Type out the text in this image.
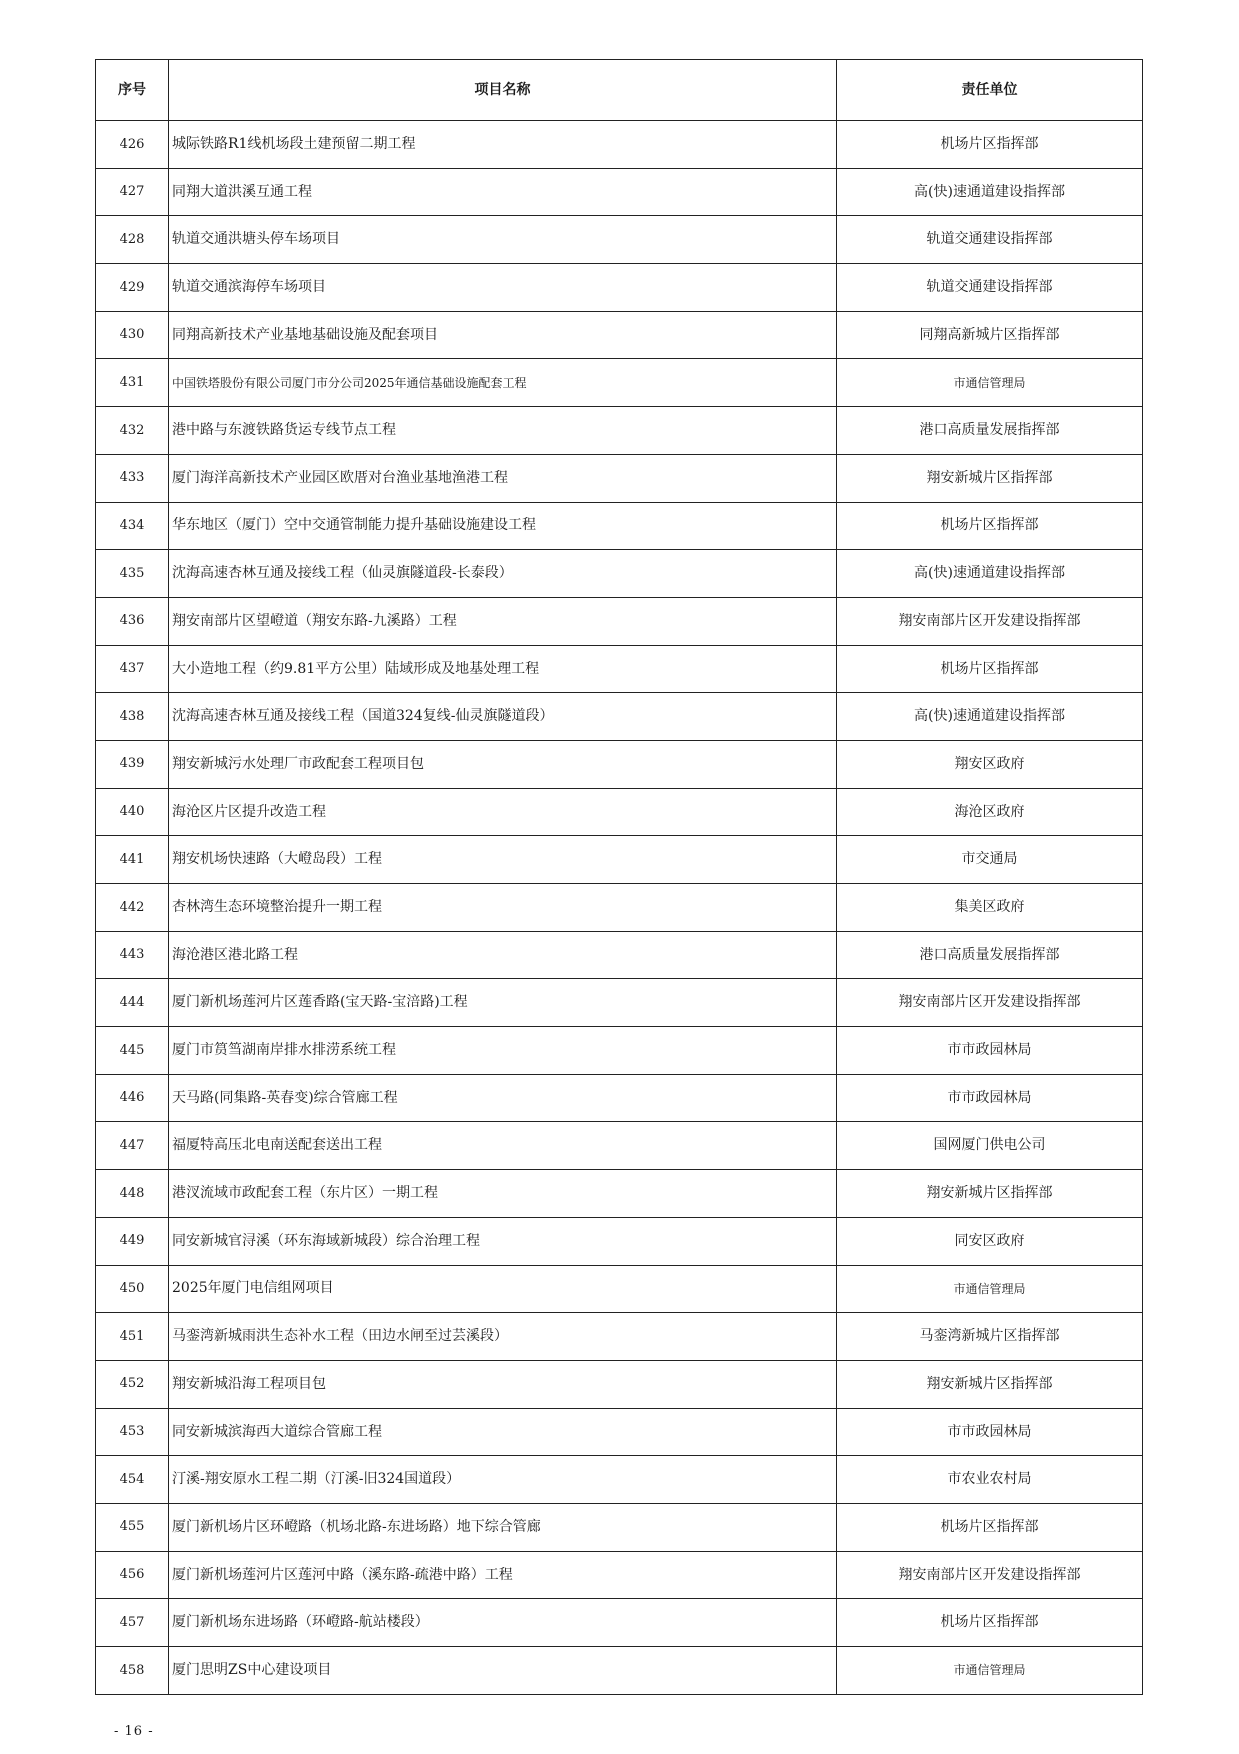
序号	项目名称	责任单位
426	城际铁路R1线机场段土建预留二期工程	机场片区指挥部
427	同翔大道洪溪互通工程	高(快)速通道建设指挥部
428	轨道交通洪塘头停车场项目	轨道交通建设指挥部
429	轨道交通滨海停车场项目	轨道交通建设指挥部
430	同翔高新技术产业基地基础设施及配套项目	同翔高新城片区指挥部
431	中国铁塔股份有限公司厦门市分公司2025年通信基础设施配套工程	市通信管理局
432	港中路与东渡铁路货运专线节点工程	港口高质量发展指挥部
433	厦门海洋高新技术产业园区欧厝对台渔业基地渔港工程	翔安新城片区指挥部
434	华东地区（厦门）空中交通管制能力提升基础设施建设工程	机场片区指挥部
435	沈海高速杏林互通及接线工程（仙灵旗隧道段-长泰段）	高(快)速通道建设指挥部
436	翔安南部片区望嶝道（翔安东路-九溪路）工程	翔安南部片区开发建设指挥部
437	大小造地工程（约9.81平方公里）陆域形成及地基处理工程	机场片区指挥部
438	沈海高速杏林互通及接线工程（国道324复线-仙灵旗隧道段）	高(快)速通道建设指挥部
439	翔安新城污水处理厂市政配套工程项目包	翔安区政府
440	海沧区片区提升改造工程	海沧区政府
441	翔安机场快速路（大嶝岛段）工程	市交通局
442	杏林湾生态环境整治提升一期工程	集美区政府
443	海沧港区港北路工程	港口高质量发展指挥部
444	厦门新机场莲河片区莲香路(宝天路-宝涪路)工程	翔安南部片区开发建设指挥部
445	厦门市筼筜湖南岸排水排涝系统工程	市市政园林局
446	天马路(同集路-英春变)综合管廊工程	市市政园林局
447	福厦特高压北电南送配套送出工程	国网厦门供电公司
448	港汊流域市政配套工程（东片区）一期工程	翔安新城片区指挥部
449	同安新城官浔溪（环东海域新城段）综合治理工程	同安区政府
450	2025年厦门电信组网项目	市通信管理局
451	马銮湾新城雨洪生态补水工程（田边水闸至过芸溪段）	马銮湾新城片区指挥部
452	翔安新城沿海工程项目包	翔安新城片区指挥部
453	同安新城滨海西大道综合管廊工程	市市政园林局
454	汀溪-翔安原水工程二期（汀溪-旧324国道段）	市农业农村局
455	厦门新机场片区环嶝路（机场北路-东进场路）地下综合管廊	机场片区指挥部
456	厦门新机场莲河片区莲河中路（溪东路-疏港中路）工程	翔安南部片区开发建设指挥部
457	厦门新机场东进场路（环嶝路-航站楼段）	机场片区指挥部
458	厦门思明ZS中心建设项目	市通信管理局
- 16 -
